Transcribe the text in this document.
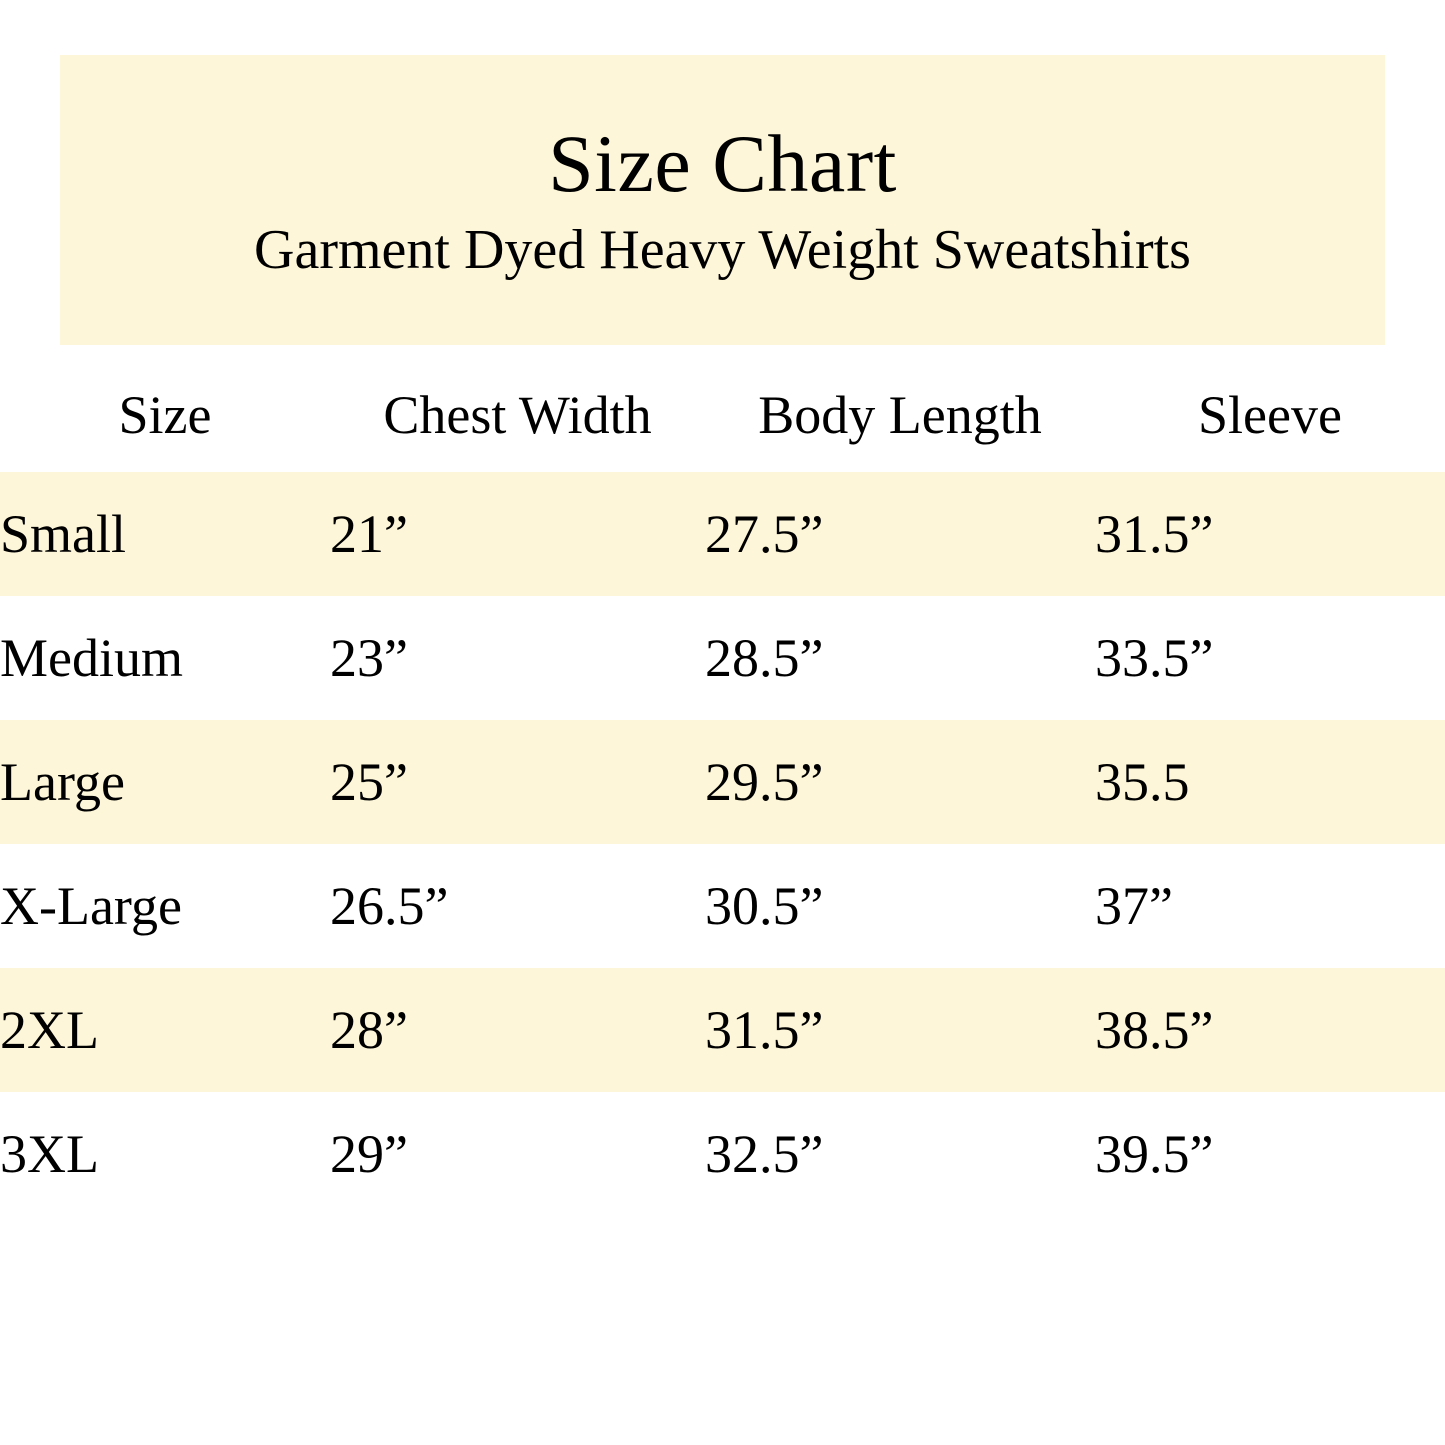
Size Chart
Garment Dyed Heavy Weight Sweatshirts
Size	Chest Width	Body Length	Sleeve
Small	21”	27.5”	31.5”
Medium	23”	28.5”	33.5”
Large	25”	29.5”	35.5
X-Large	26.5”	30.5”	37”
2XL	28”	31.5”	38.5”
3XL	29”	32.5”	39.5”
